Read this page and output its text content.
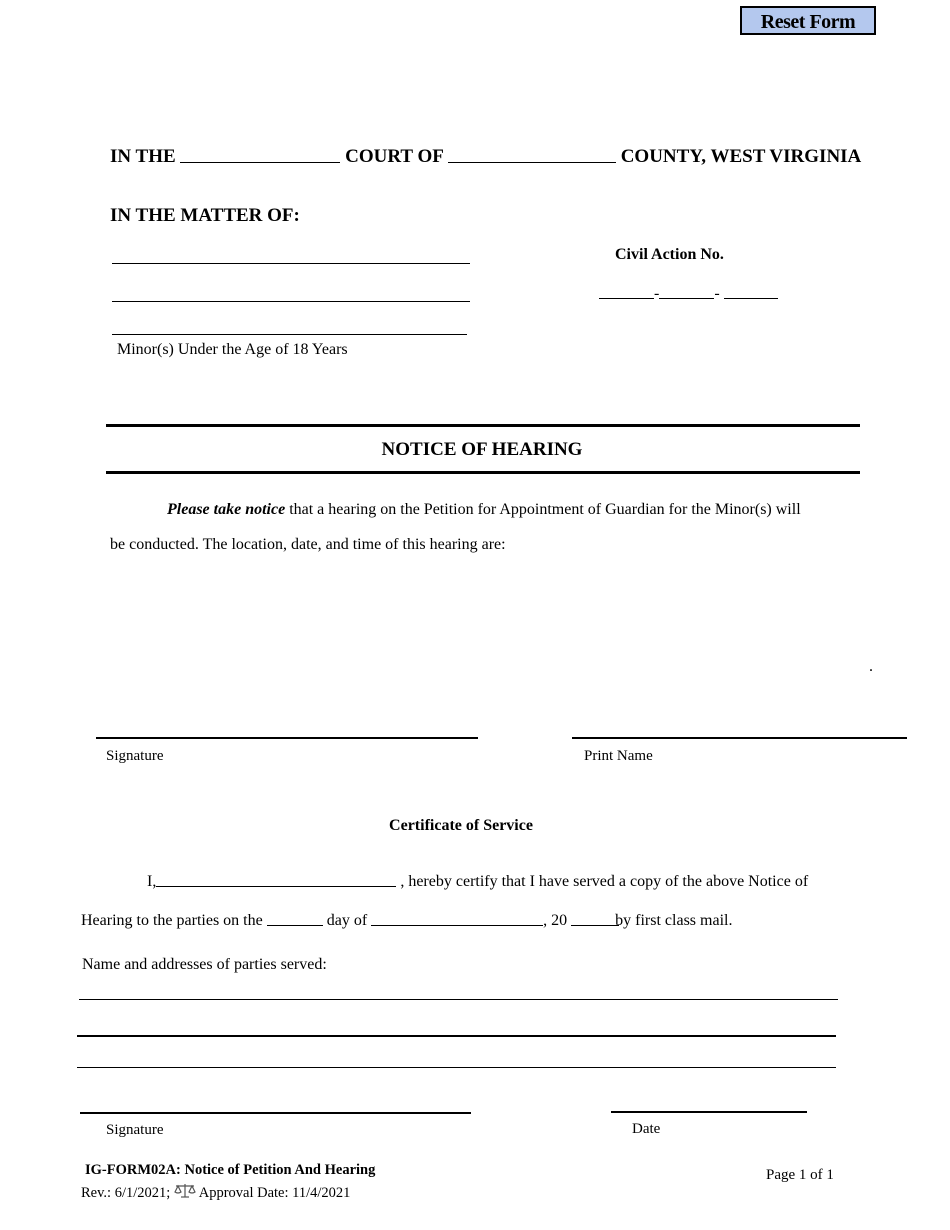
Reset Form
IN THE	COURT OF	COUNTY, WEST VIRGINIA
IN THE MATTER OF:
Minor(s) Under the Age of 18 Years
Civil Action No.
-	-
NOTICE OF HEARING
Please take notice that a hearing on the Petition for Appointment of Guardian for the Minor(s) will
be conducted. The location, date, and time of this hearing are:
.
Signature	Print Name
Certificate of Service
I,	, hereby certify that I have served a copy of the above Notice of
Hearing to the parties on the	day of	, 20	by first class mail.
Name and addresses of parties served:
Signature	Date
IG-FORM02A: Notice of Petition And Hearing
Rev.: 6/1/2021; Approval Date: 11/4/2021
Page 1 of 1
